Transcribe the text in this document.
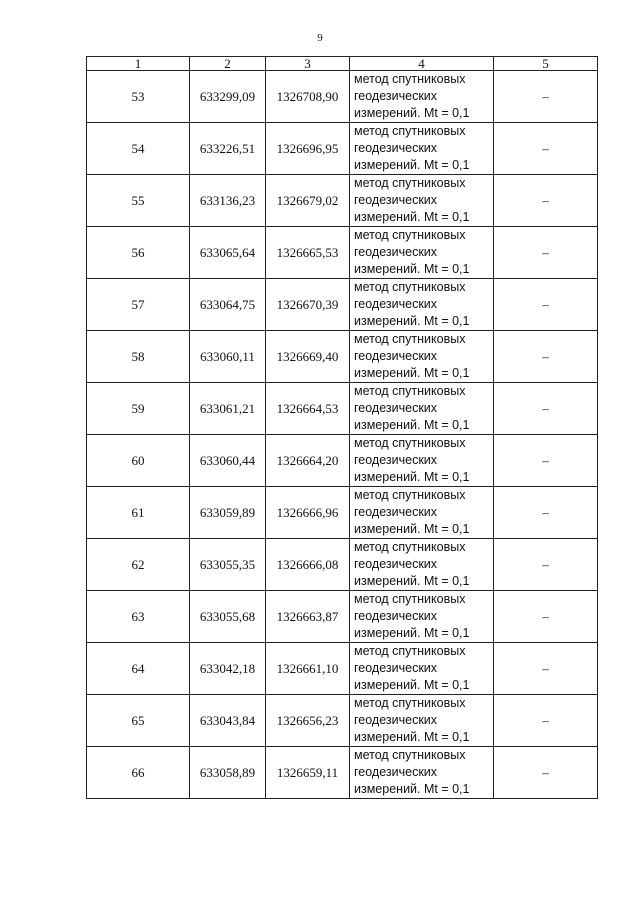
9
1	2	3	4	5
53	633299,09	1326708,90	метод спутниковых
геодезических
измерений. Mt = 0,1	–
54	633226,51	1326696,95	метод спутниковых
геодезических
измерений. Mt = 0,1	–
55	633136,23	1326679,02	метод спутниковых
геодезических
измерений. Mt = 0,1	–
56	633065,64	1326665,53	метод спутниковых
геодезических
измерений. Mt = 0,1	–
57	633064,75	1326670,39	метод спутниковых
геодезических
измерений. Mt = 0,1	–
58	633060,11	1326669,40	метод спутниковых
геодезических
измерений. Mt = 0,1	–
59	633061,21	1326664,53	метод спутниковых
геодезических
измерений. Mt = 0,1	–
60	633060,44	1326664,20	метод спутниковых
геодезических
измерений. Mt = 0,1	–
61	633059,89	1326666,96	метод спутниковых
геодезических
измерений. Mt = 0,1	–
62	633055,35	1326666,08	метод спутниковых
геодезических
измерений. Mt = 0,1	–
63	633055,68	1326663,87	метод спутниковых
геодезических
измерений. Mt = 0,1	–
64	633042,18	1326661,10	метод спутниковых
геодезических
измерений. Mt = 0,1	–
65	633043,84	1326656,23	метод спутниковых
геодезических
измерений. Mt = 0,1	–
66	633058,89	1326659,11	метод спутниковых
геодезических
измерений. Mt = 0,1	–
